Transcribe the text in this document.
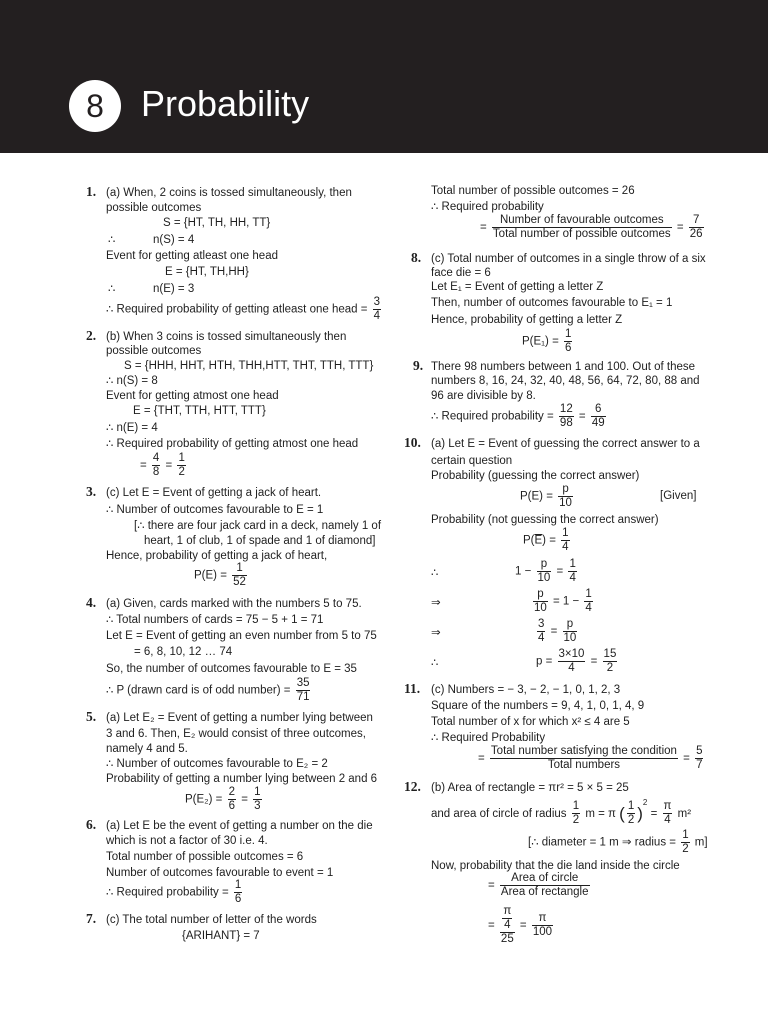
8	Probability
1. (a) When, 2 coins is tossed simultaneously, then
possible outcomes
S = {HT, TH, HH, TT}
∴	n(S) = 4
Event for getting atleast one head
E = {HT, TH,HH}
∴	n(E) = 3
∴ Required probability of getting atleast one head = $\frac{3}{4}$
2. (b) When 3 coins is tossed simultaneously then
possible outcomes
S = {HHH, HHT, HTH, THH,HTT, THT, TTH, TTT}
∴ n(S) = 8
Event for getting atmost one head
E = {THT, TTH, HTT, TTT}
∴ n(E) = 4
∴ Required probability of getting atmost one head
= $\frac{4}{8} = \frac{1}{2}$
3. (c) Let E = Event of getting a jack of heart.
∴ Number of outcomes favourable to E = 1
[∴ there are four jack card in a deck, namely 1 of
heart, 1 of club, 1 of spade and 1 of diamond]
Hence, probability of getting a jack of heart,
$P(E) = \frac{1}{52}$
4. (a) Given, cards marked with the numbers 5 to 75.
∴ Total numbers of cards = 75 − 5 + 1 = 71
Let E = Event of getting an even number from 5 to 75
= 6, 8, 10, 12 … 74
So, the number of outcomes favourable to E = 35
∴ P (drawn card is of odd number) = $\frac{35}{71}$
5. (a) Let E₂ = Event of getting a number lying between
3 and 6. Then, E₂ would consist of three outcomes,
namely 4 and 5.
∴ Number of outcomes favourable to E₂ = 2
Probability of getting a number lying between 2 and 6
$P(E_2) = \frac{2}{6} = \frac{1}{3}$
6. (a) Let E be the event of getting a number on the die
which is not a factor of 30 i.e. 4.
Total number of possible outcomes = 6
Number of outcomes favourable to event = 1
∴ Required probability = $\frac{1}{6}$
7. (c) The total number of letter of the words
{ARIHANT} = 7
Total number of possible outcomes = 26
∴ Required probability
=
Number of favourable outcomes
Total number of possible outcomes
= $\frac{7}{26}$
8. (c) Total number of outcomes in a single throw of a six
face die = 6
Let E₁ = Event of getting a letter Z
Then, number of outcomes favourable to E₁ = 1
Hence, probability of getting a letter Z
$P(E_1) = \frac{1}{6}$
9. There 98 numbers between 1 and 100. Out of these
numbers 8, 16, 24, 32, 40, 48, 56, 64, 72, 80, 88 and
96 are divisible by 8.
∴ Required probability = $\frac{12}{98} = \frac{6}{49}$
10. (a) Let E = Event of guessing the correct answer to a
certain question
Probability (guessing the correct answer)
$P(E) = \frac{p}{10}$	[Given]
Probability (not guessing the correct answer)
$P(\overline{E}) = \frac{1}{4}$
∴	$1 - \frac{p}{10} = \frac{1}{4}$
⇒	$\frac{p}{10} = 1 - \frac{1}{4}$
⇒	$\frac{3}{4} = \frac{p}{10}$
∴	$p = \frac{3\times 10}{4} = \frac{15}{2}$
11. (c) Numbers = − 3, − 2, − 1, 0, 1, 2, 3
Square of the numbers = 9, 4, 1, 0, 1, 4, 9
Total number of x for which x² ≤ 4 are 5
∴ Required Probability
=
Total number satisfying the condition
Total numbers
= $\frac{5}{7}$
12. (b) Area of rectangle = πr² = 5 × 5 = 25
and area of circle of radius $\frac{1}{2}$ m = π ( $\frac{1}{2} )^2 = \frac{\pi}{4} m^2$
[∴ diameter = 1 m ⇒ radius = $\frac{1}{2} m$]
Now, probability that the die land inside the circle
=
Area of circle
Area of rectangle
= $\frac{\frac{\pi}{4}}{25} = \frac{\pi}{100}$
